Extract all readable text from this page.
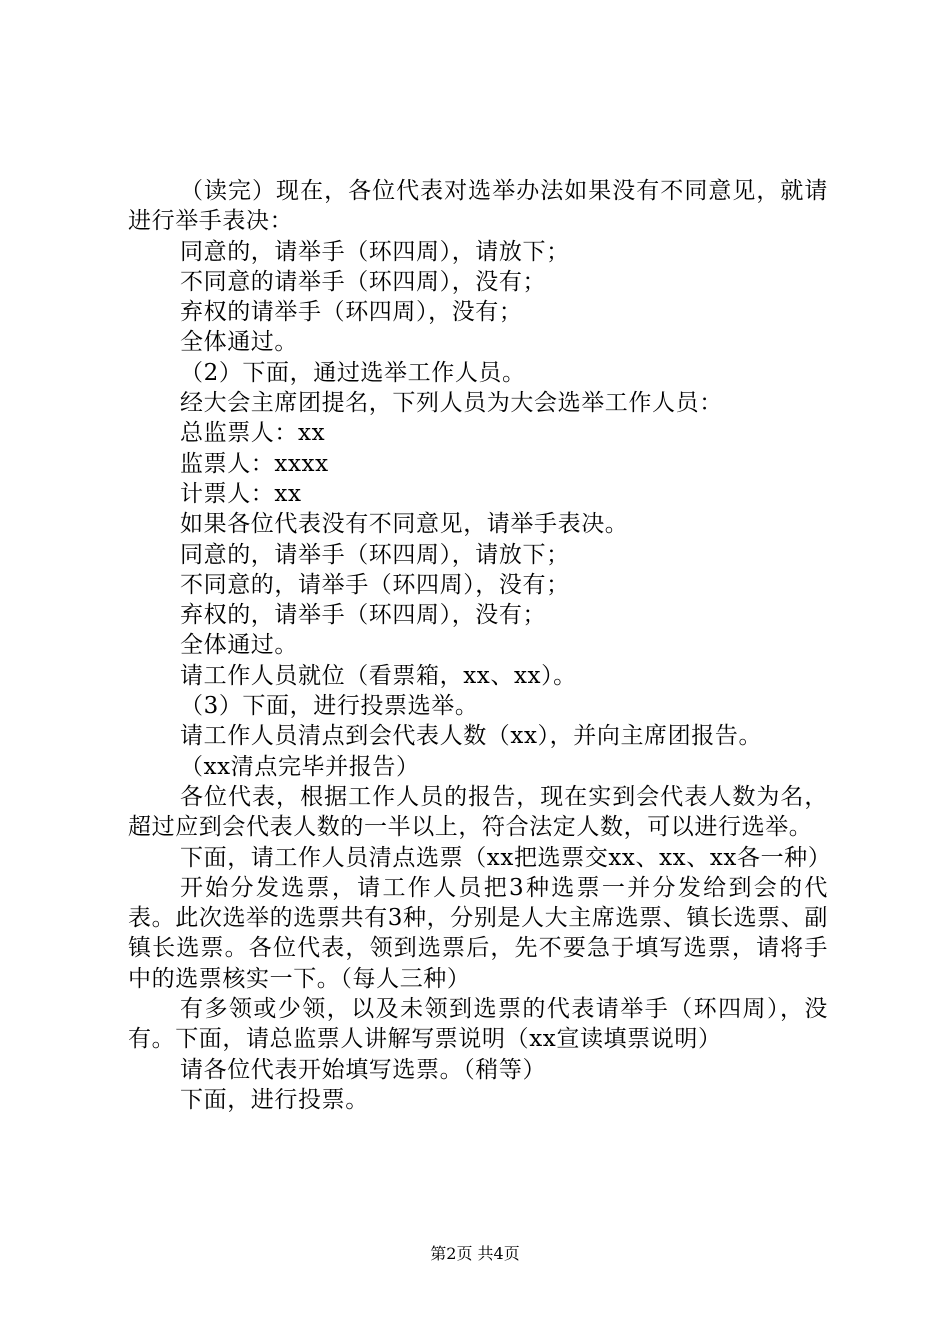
（读完）现在，各位代表对选举办法如果没有不同意见，就请进行举手表决：

同意的，请举手（环四周），请放下；

不同意的请举手（环四周），没有；

弃权的请举手（环四周），没有；

全体通过。

（2）下面，通过选举工作人员。

经大会主席团提名，下列人员为大会选举工作人员：

总监票人：xx

监票人：xxxx

计票人：xx

如果各位代表没有不同意见，请举手表决。

同意的，请举手（环四周），请放下；

不同意的，请举手（环四周），没有；

弃权的，请举手（环四周），没有；

全体通过。

请工作人员就位（看票箱，xx、xx）。

（3）下面，进行投票选举。

请工作人员清点到会代表人数（xx），并向主席团报告。

（xx清点完毕并报告）

各位代表，根据工作人员的报告，现在实到会代表人数为名，超过应到会代表人数的一半以上，符合法定人数，可以进行选举。

下面，请工作人员清点选票（xx把选票交xx、xx、xx各一种）

开始分发选票，请工作人员把3种选票一并分发给到会的代表。此次选举的选票共有3种，分别是人大主席选票、镇长选票、副镇长选票。各位代表，领到选票后，先不要急于填写选票，请将手中的选票核实一下。（每人三种）

有多领或少领，以及未领到选票的代表请举手（环四周），没有。下面，请总监票人讲解写票说明（xx宣读填票说明）

请各位代表开始填写选票。（稍等）

下面，进行投票。

第2页 共4页
